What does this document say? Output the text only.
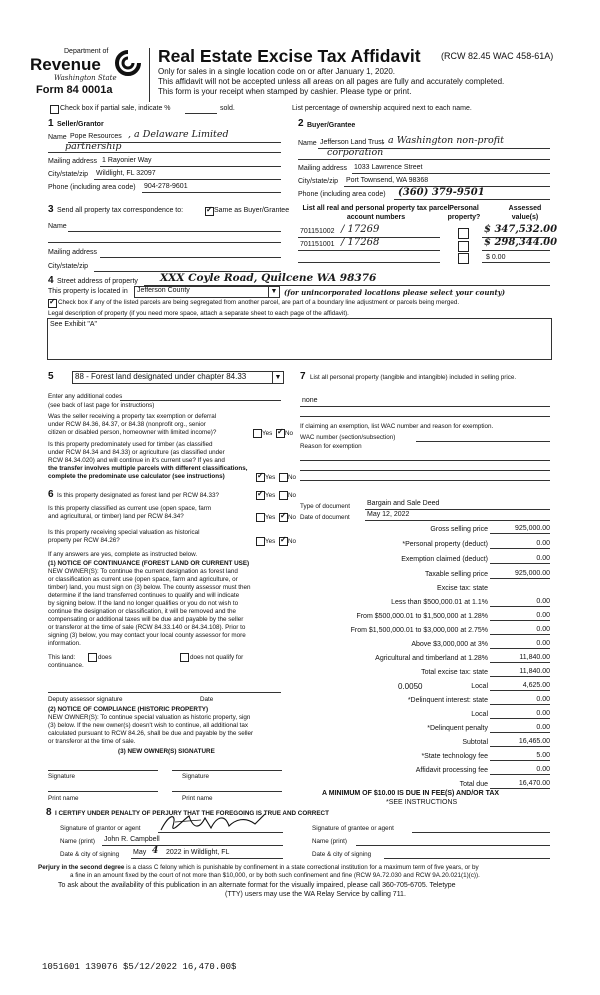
Department of
Revenue
Washington State
Form 84 0001a
Real Estate Excise Tax Affidavit (RCW 82.45 WAC 458-61A)
Only for sales in a single location code on or after January 1, 2020.
This affidavit will not be accepted unless all areas on all pages are fully and accurately completed.
This form is your receipt when stamped by cashier. Please type or print.
Check box if partial sale, indicate %	sold.	List percentage of ownership acquired next to each name.
1 Seller/Grantor
Name Pope Resources , a Delaware Limited
partnership
Mailing address 1 Rayonier Way
City/state/zip Wildlight, FL 32097
Phone (including area code) 904-278-9601
2 Buyer/Grantee
Name Jefferson Land Trust
, a Washington non-profit
corporation
Mailing address 1033 Lawrence Street
City/state/zip Port Townsend, WA 98368
Phone (including area code) (360) 379-9501
3 Send all property tax correspondence to: ✓	Same as Buyer/Grantee
Name
Mailing address
City/state/zip
List all real and personal property tax parcel account numbers
Personal property?
Assessed value(s)
701151002 / 17269	$ 347,532.00
701151001 / 17268	$ 298,344.00
$ 0.00
4 Street address of property XXX Coyle Road, Quilcene WA 98376
This property is located in Jefferson County	▼ (for unincorporated locations please select your county)
✓
Check box if any of the listed parcels are being segregated from another parcel, are part of a boundary line adjustment or parcels being merged.
Legal description of property (if you need more space, attach a separate sheet to each page of the affidavit).
See Exhibit "A"
5	88 - Forest land designated under chapter 84.33	▼
Enter any additional codes
(see back of last page for instructions)
Was the seller receiving a property tax exemption or deferral
under RCW 84.36, 84.37, or 84.38 (nonprofit org., senior
citizen or disabled person, homeowner with limited income)?	Yes ✓ No
Is this property predominately used for timber (as classified
under RCW 84.34 and 84.33) or agriculture (as classified under
RCW 84.34.020) and will continue in it's current use? If yes and
the transfer involves multiple parcels with different classifications,
complete the predominate use calculator (see instructions) ✓	Yes No
6 Is this property designated as forest land per RCW 84.33? ✓	Yes No
Is this property classified as current use (open space, farm
and agricultural, or timber) land per RCW 84.34?	Yes ✓ No
Is this property receiving special valuation as historical
property per RCW 84.26?	Yes ✓ No
If any answers are yes, complete as instructed below.
(1) NOTICE OF CONTINUANCE (FOREST LAND OR CURRENT USE)
NEW OWNER(S): To continue the current designation as forest land
or classification as current use (open space, farm and agriculture, or
timber) land, you must sign on (3) below. The county assessor must then
determine if the land transferred continues to qualify and will indicate
by signing below. If the land no longer qualifies or you do not wish to
continue the designation or classification, it will be removed and the
compensating or additional taxes will be due and payable by the seller
or transferor at the time of sale (RCW 84.33.140 or 84.34.108). Prior to
signing (3) below, you may contact your local county assessor for more
information.
This land:	does	does not qualify for
continuance.
Deputy assessor signature	Date
(2) NOTICE OF COMPLIANCE (HISTORIC PROPERTY)
NEW OWNER(S): To continue special valuation as historic property, sign
(3) below. If the new owner(s) doesn't wish to continue, all additional tax
calculated pursuant to RCW 84.26, shall be due and payable by the seller
or transferor at the time of sale.
(3) NEW OWNER(S) SIGNATURE
Signature	Signature
Print name	Print name
7 List all personal property (tangible and intangible) included in selling price.
none
If claiming an exemption, list WAC number and reason for exemption.
WAC number (section/subsection)
Reason for exemption
Type of document Bargain and Sale Deed
Date of document May 12, 2022
Gross selling price	925,000.00
*Personal property (deduct)	0.00
Exemption claimed (deduct)	0.00
Taxable selling price	925,000.00
Excise tax: state
Less than $500,000.01 at 1.1%	0.00
From $500,000.01 to $1,500,000 at 1.28%	0.00
From $1,500,000.01 to $3,000,000 at 2.75%	0.00
Above $3,000,000 at 3%	0.00
Agricultural and timberland at 1.28%	11,840.00
Total excise tax: state	11,840.00
0.0050	Local	4,625.00
*Delinquent interest: state	0.00
Local	0.00
*Delinquent penalty	0.00
Subtotal	16,465.00
*State technology fee	5.00
Affidavit processing fee	0.00
Total due	16,470.00
A MINIMUM OF $10.00 IS DUE IN FEE(S) AND/OR TAX
*SEE INSTRUCTIONS
8 I CERTIFY UNDER PENALTY OF PERJURY THAT THE FOREGOING IS TRUE AND CORRECT
Signature of grantor or agent
Name (print) John R. Campbell
Date & city of signing May 4 2022 in Wildlight, FL
Signature of grantee or agent
Name (print)
Date & city of signing
Perjury in the second degree is a class C felony which is punishable by confinement in a state correctional institution for a maximum term of five years, or by
a fine in an amount fixed by the court of not more than $10,000, or by both such confinement and fine (RCW 9A.72.030 and RCW 9A.20.021(1)(c)).
To ask about the availability of this publication in an alternate format for the visually impaired, please call 360-705-6705. Teletype
(TTY) users may use the WA Relay Service by calling 711.
1051601 139076 $5/12/2022 16,470.00$
